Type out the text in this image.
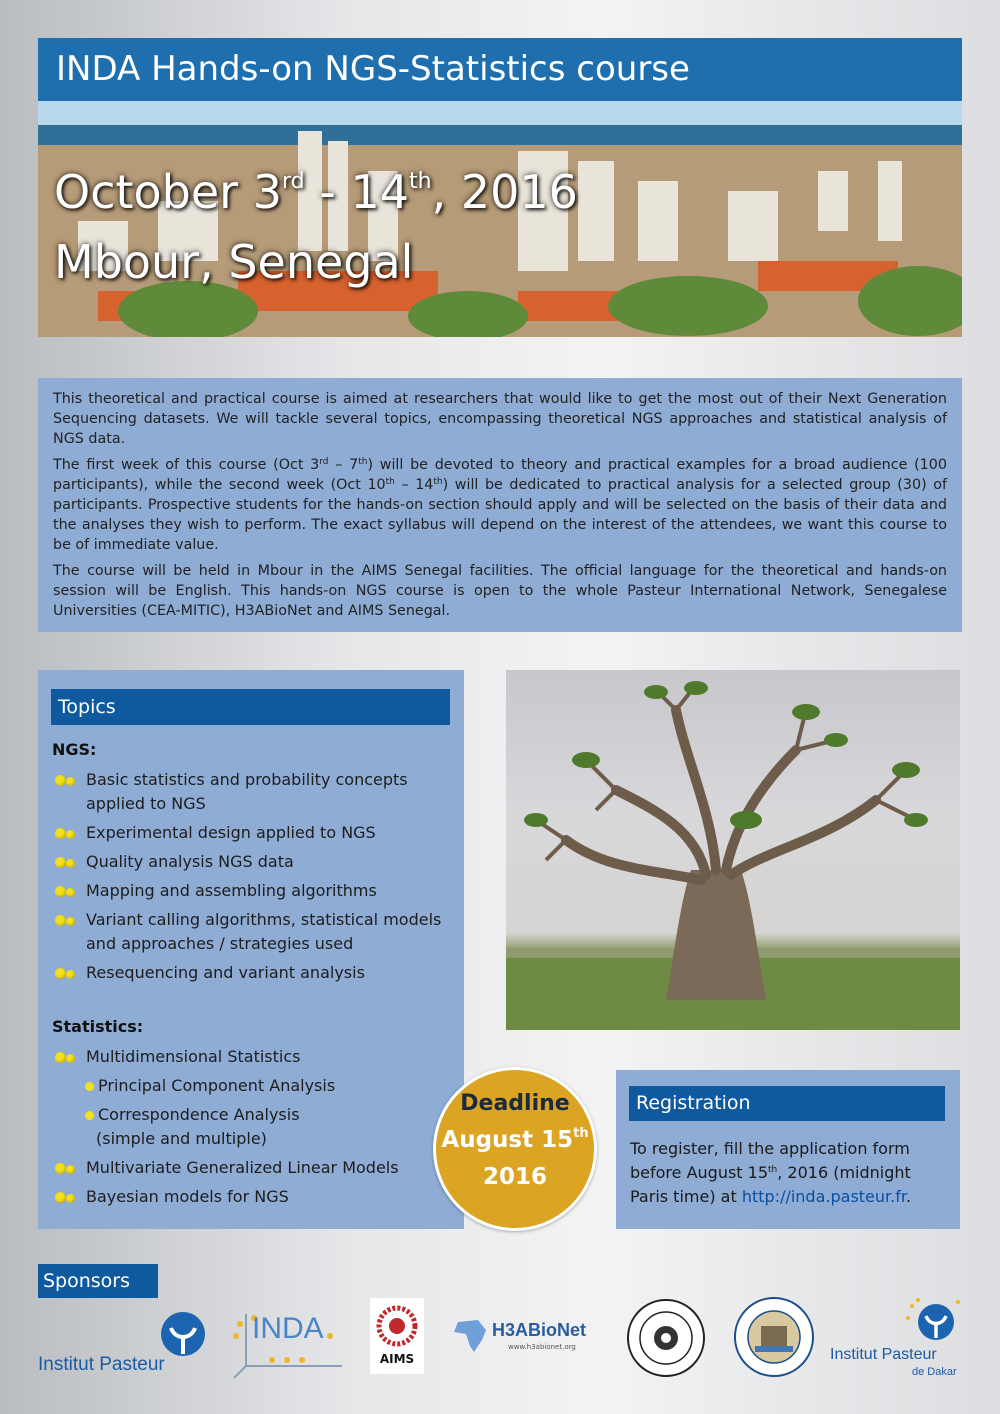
INDA Hands-on NGS-Statistics course
October 3rd - 14th, 2016
Mbour, Senegal

This theoretical and practical course is aimed at researchers that would like to get the most out of their Next Generation Sequencing datasets. We will tackle several topics, encompassing theoretical NGS approaches and statistical analysis of NGS data.

The first week of this course (Oct 3rd – 7th) will be devoted to theory and practical examples for a broad audience (100 participants), while the second week (Oct 10th – 14th) will be dedicated to practical analysis for a selected group (30) of participants. Prospective students for the hands-on section should apply and will be selected on the basis of their data and the analyses they wish to perform. The exact syllabus will depend on the interest of the attendees, we want this course to be of immediate value.

The course will be held in Mbour in the AIMS Senegal facilities. The official language for the theoretical and hands-on session will be English. This hands-on NGS course is open to the whole Pasteur International Network, Senegalese Universities (CEA-MITIC), H3ABioNet and AIMS Senegal.

Topics
NGS:
Basic statistics and probability concepts applied to NGS
Experimental design applied to NGS
Quality analysis NGS data
Mapping and assembling algorithms
Variant calling algorithms, statistical models and approaches / strategies used
Resequencing and variant analysis
Statistics:
Multidimensional Statistics
Principal Component Analysis
Correspondence Analysis
(simple and multiple)
Multivariate Generalized Linear Models
Bayesian models for NGS
Deadline
August 15th
2016
Registration
To register, fill the application form before August 15th, 2016 (midnight Paris time) at http://inda.pasteur.fr.
Sponsors
Institut Pasteur
INDA
AIMS
H3ABioNet
www.h3abionet.org	Institut Pasteur
de Dakar
